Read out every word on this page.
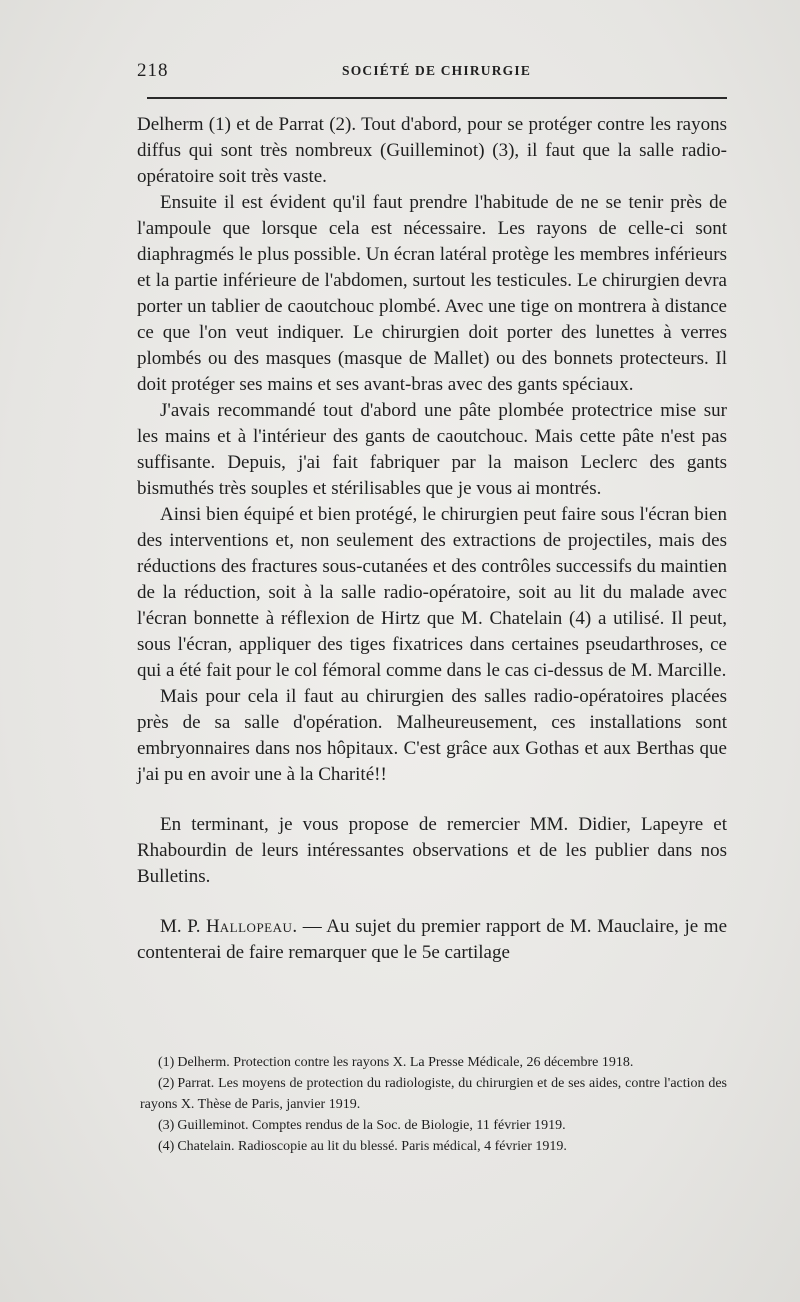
218	SOCIÉTÉ DE CHIRURGIE

Delherm (1) et de Parrat (2). Tout d'abord, pour se protéger contre les rayons diffus qui sont très nombreux (Guilleminot) (3), il faut que la salle radio-opératoire soit très vaste.

Ensuite il est évident qu'il faut prendre l'habitude de ne se tenir près de l'ampoule que lorsque cela est nécessaire. Les rayons de celle-ci sont diaphragmés le plus possible. Un écran latéral protège les membres inférieurs et la partie inférieure de l'abdomen, surtout les testicules. Le chirurgien devra porter un tablier de caoutchouc plombé. Avec une tige on montrera à distance ce que l'on veut indiquer. Le chirurgien doit porter des lunettes à verres plombés ou des masques (masque de Mallet) ou des bonnets protecteurs. Il doit protéger ses mains et ses avant-bras avec des gants spéciaux.

J'avais recommandé tout d'abord une pâte plombée protectrice mise sur les mains et à l'intérieur des gants de caoutchouc. Mais cette pâte n'est pas suffisante. Depuis, j'ai fait fabriquer par la maison Leclerc des gants bismuthés très souples et stérilisables que je vous ai montrés.

Ainsi bien équipé et bien protégé, le chirurgien peut faire sous l'écran bien des interventions et, non seulement des extractions de projectiles, mais des réductions des fractures sous-cutanées et des contrôles successifs du maintien de la réduction, soit à la salle radio-opératoire, soit au lit du malade avec l'écran bonnette à réflexion de Hirtz que M. Chatelain (4) a utilisé. Il peut, sous l'écran, appliquer des tiges fixatrices dans certaines pseudarthroses, ce qui a été fait pour le col fémoral comme dans le cas ci-dessus de M. Marcille.

Mais pour cela il faut au chirurgien des salles radio-opératoires placées près de sa salle d'opération. Malheureusement, ces installations sont embryonnaires dans nos hôpitaux. C'est grâce aux Gothas et aux Berthas que j'ai pu en avoir une à la Charité!!

En terminant, je vous propose de remercier MM. Didier, Lapeyre et Rhabourdin de leurs intéressantes observations et de les publier dans nos Bulletins.

M. P. Hallopeau. — Au sujet du premier rapport de M. Mauclaire, je me contenterai de faire remarquer que le 5e cartilage

(1) Delherm. Protection contre les rayons X. La Presse Médicale, 26 décembre 1918.

(2) Parrat. Les moyens de protection du radiologiste, du chirurgien et de ses aides, contre l'action des rayons X. Thèse de Paris, janvier 1919.

(3) Guilleminot. Comptes rendus de la Soc. de Biologie, 11 février 1919.

(4) Chatelain. Radioscopie au lit du blessé. Paris médical, 4 février 1919.
